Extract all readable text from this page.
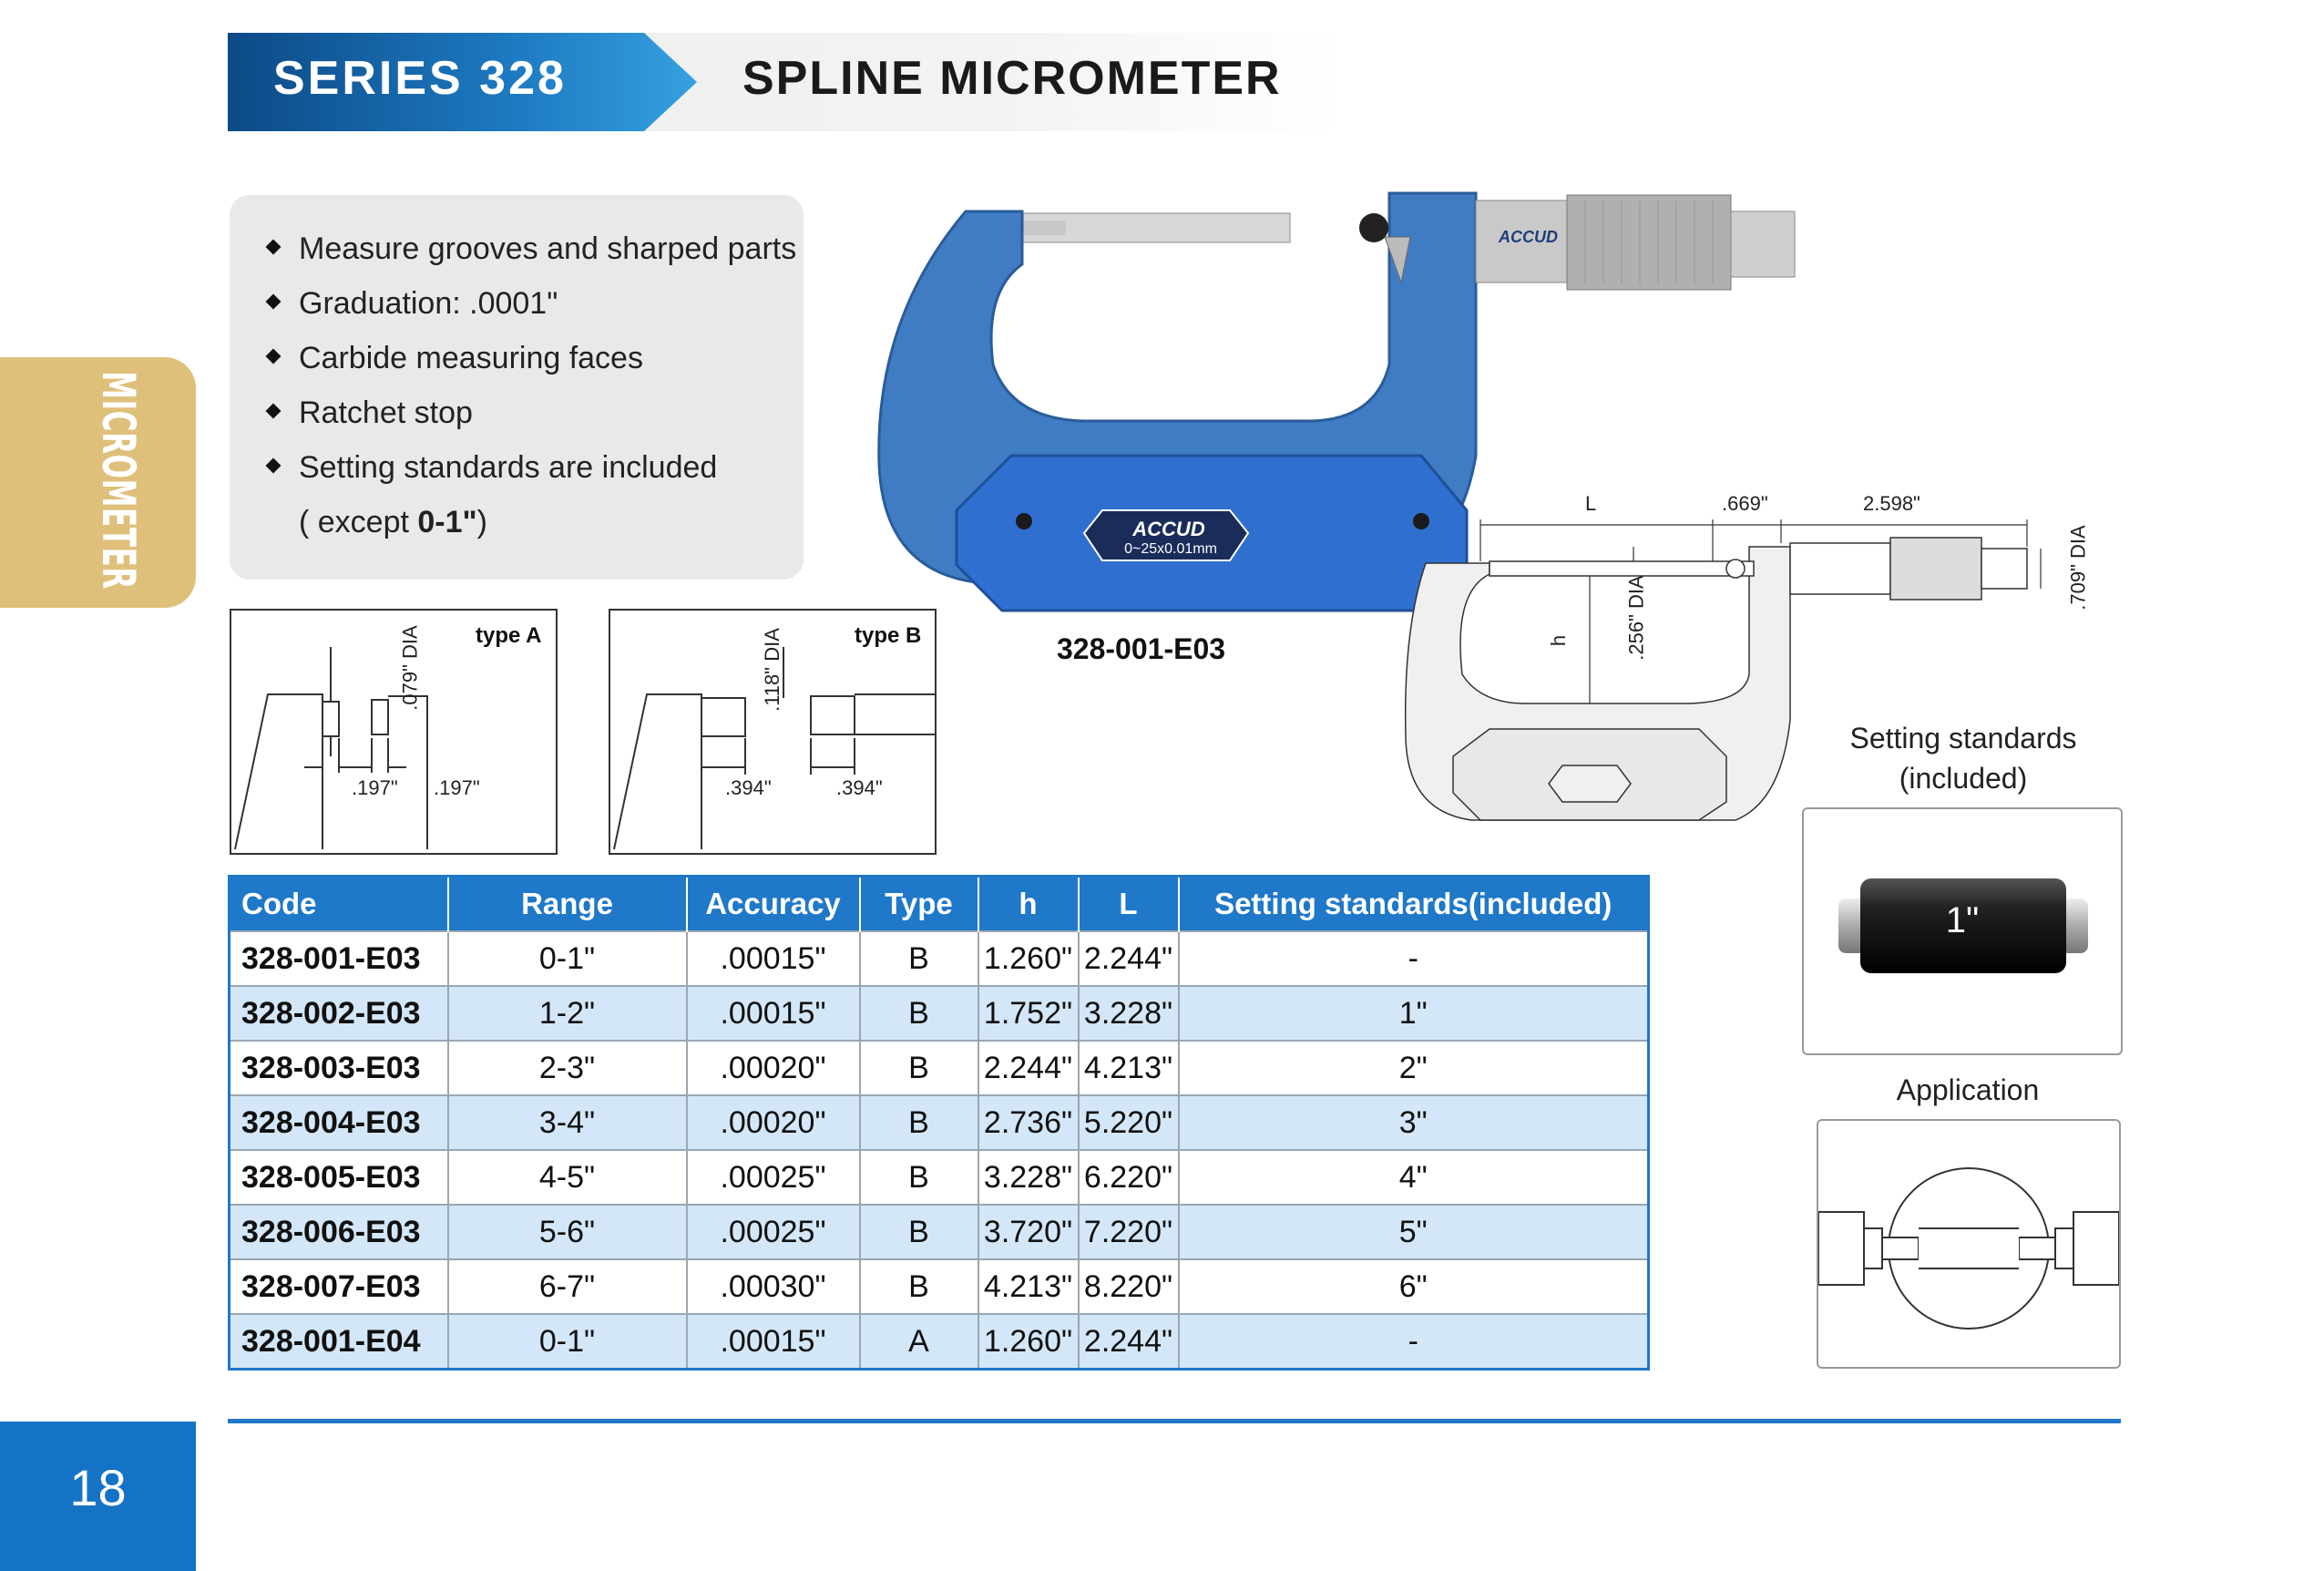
SERIES 328	SPLINE MICROMETER
MICROMETER
Measure grooves and sharped parts
Graduation: .0001"
Carbide measuring faces
Ratchet stop
Setting standards are included
( except 0-1")
type A
.079" DIA
.197" .197"
type B
.118" DIA
.394"	.394"
ACCUD
0~25x0.01mm
ACCUD
328-001-E03
L	.669"	2.598"
h	.256" DIA	.709" DIA
Code	Range	Accuracy	Type	h	L	Setting standards(included)
328-001-E03	0-1"	.00015"	B	1.260"	2.244"	-
328-002-E03	1-2"	.00015"	B	1.752"	3.228"	1"
328-003-E03	2-3"	.00020"	B	2.244"	4.213"	2"
328-004-E03	3-4"	.00020"	B	2.736"	5.220"	3"
328-005-E03	4-5"	.00025"	B	3.228"	6.220"	4"
328-006-E03	5-6"	.00025"	B	3.720"	7.220"	5"
328-007-E03	6-7"	.00030"	B	4.213"	8.220"	6"
328-001-E04	0-1"	.00015"	A	1.260"	2.244"	-
Setting standards
(included)
1"
Application
18
